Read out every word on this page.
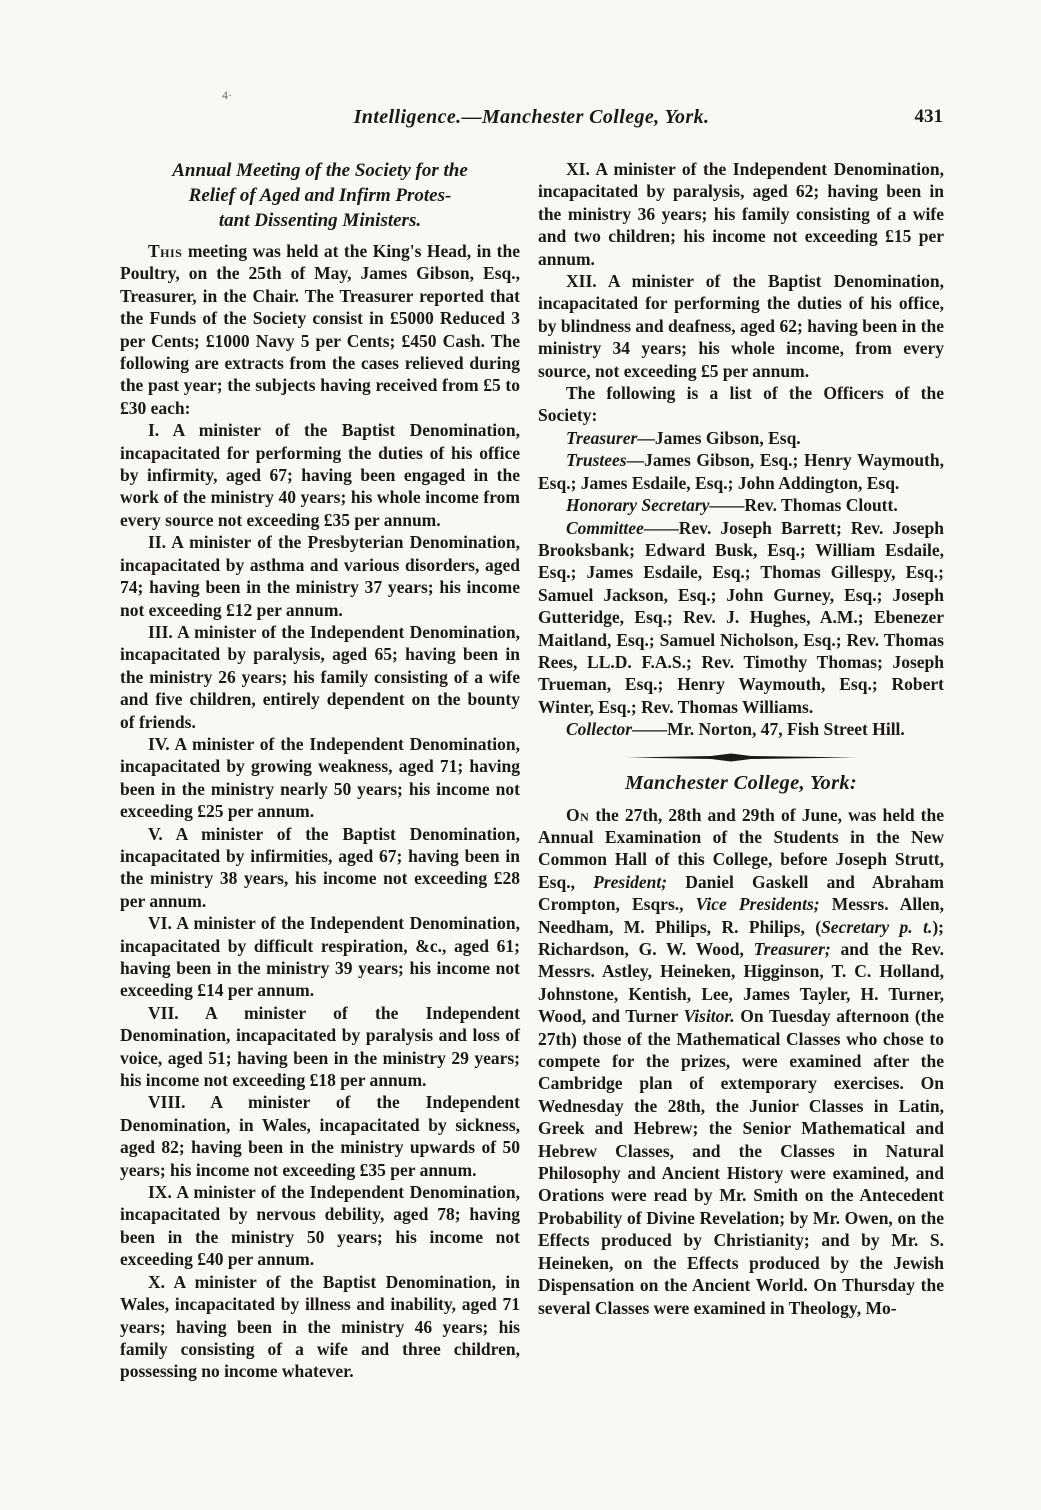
4·
Intelligence.—Manchester College, York.	431
Annual Meeting of the Society for the
Relief of Aged and Infirm Protes-
tant Dissenting Ministers.

This meeting was held at the King's Head, in the Poultry, on the 25th of May, James Gibson, Esq., Treasurer, in the Chair. The Treasurer reported that the Funds of the Society consist in £5000 Reduced 3 per Cents; £1000 Navy 5 per Cents; £450 Cash. The following are extracts from the cases relieved during the past year; the subjects having received from £5 to £30 each:

I. A minister of the Baptist Denomination, incapacitated for performing the duties of his office by infirmity, aged 67; having been engaged in the work of the ministry 40 years; his whole income from every source not exceeding £35 per annum.

II. A minister of the Presbyterian Denomination, incapacitated by asthma and various disorders, aged 74; having been in the ministry 37 years; his income not exceeding £12 per annum.

III. A minister of the Independent Denomination, incapacitated by paralysis, aged 65; having been in the ministry 26 years; his family consisting of a wife and five children, entirely dependent on the bounty of friends.

IV. A minister of the Independent Denomination, incapacitated by growing weakness, aged 71; having been in the ministry nearly 50 years; his income not exceeding £25 per annum.

V. A minister of the Baptist Denomination, incapacitated by infirmities, aged 67; having been in the ministry 38 years, his income not exceeding £28 per annum.

VI. A minister of the Independent Denomination, incapacitated by difficult respiration, &c., aged 61; having been in the ministry 39 years; his income not exceeding £14 per annum.

VII. A minister of the Independent Denomination, incapacitated by paralysis and loss of voice, aged 51; having been in the ministry 29 years; his income not exceeding £18 per annum.

VIII. A minister of the Independent Denomination, in Wales, incapacitated by sickness, aged 82; having been in the ministry upwards of 50 years; his income not exceeding £35 per annum.

IX. A minister of the Independent Denomination, incapacitated by nervous debility, aged 78; having been in the ministry 50 years; his income not exceeding £40 per annum.

X. A minister of the Baptist Denomination, in Wales, incapacitated by illness and inability, aged 71 years; having been in the ministry 46 years; his family consisting of a wife and three children, possessing no income whatever.

XI. A minister of the Independent Denomination, incapacitated by paralysis, aged 62; having been in the ministry 36 years; his family consisting of a wife and two children; his income not exceeding £15 per annum.

XII. A minister of the Baptist Denomination, incapacitated for performing the duties of his office, by blindness and deafness, aged 62; having been in the ministry 34 years; his whole income, from every source, not exceeding £5 per annum.

The following is a list of the Officers of the Society:

Treasurer—James Gibson, Esq.

Trustees—James Gibson, Esq.; Henry Waymouth, Esq.; James Esdaile, Esq.; John Addington, Esq.

Honorary Secretary——Rev. Thomas Cloutt.

Committee——Rev. Joseph Barrett; Rev. Joseph Brooksbank; Edward Busk, Esq.; William Esdaile, Esq.; James Esdaile, Esq.; Thomas Gillespy, Esq.; Samuel Jackson, Esq.; John Gurney, Esq.; Joseph Gutteridge, Esq.; Rev. J. Hughes, A.M.; Ebenezer Maitland, Esq.; Samuel Nicholson, Esq.; Rev. Thomas Rees, LL.D. F.A.S.; Rev. Timothy Thomas; Joseph Trueman, Esq.; Henry Waymouth, Esq.; Robert Winter, Esq.; Rev. Thomas Williams.

Collector——Mr. Norton, 47, Fish Street Hill.

Manchester College, York:

On the 27th, 28th and 29th of June, was held the Annual Examination of the Students in the New Common Hall of this College, before Joseph Strutt, Esq., President; Daniel Gaskell and Abraham Crompton, Esqrs., Vice Presidents; Messrs. Allen, Needham, M. Philips, R. Philips, (Secretary p. t.); Richardson, G. W. Wood, Treasurer; and the Rev. Messrs. Astley, Heineken, Higginson, T. C. Holland, Johnstone, Kentish, Lee, James Tayler, H. Turner, Wood, and Turner Visitor. On Tuesday afternoon (the 27th) those of the Mathematical Classes who chose to compete for the prizes, were examined after the Cambridge plan of extemporary exercises. On Wednesday the 28th, the Junior Classes in Latin, Greek and Hebrew; the Senior Mathematical and Hebrew Classes, and the Classes in Natural Philosophy and Ancient History were examined, and Orations were read by Mr. Smith on the Antecedent Probability of Divine Revelation; by Mr. Owen, on the Effects produced by Christianity; and by Mr. S. Heineken, on the Effects produced by the Jewish Dispensation on the Ancient World. On Thursday the several Classes were examined in Theology, Mo-
